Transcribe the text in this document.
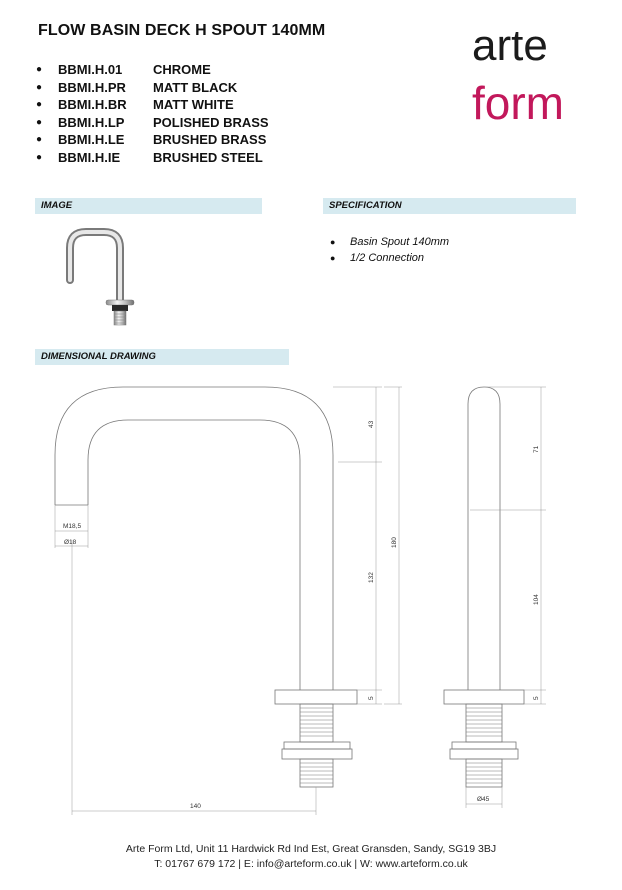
FLOW BASIN DECK H SPOUT 140MM	arte
form
● BBMI.H.01 CHROME
● BBMI.H.PR MATT BLACK
● BBMI.H.BR MATT WHITE
● BBMI.H.LP POLISHED BRASS
● BBMI.H.LE BRUSHED BRASS
● BBMI.H.IE	BRUSHED STEEL
IMAGE	SPECIFICATION
DIMENSIONAL DRAWING
● Basin Spout 140mm
● 1/2 Connection
M18,5
Ø18
140
43
180
132
5
71
104
5
Ø45
Arte Form Ltd, Unit 11 Hardwick Rd Ind Est, Great Gransden, Sandy, SG19 3BJ
T: 01767 679 172 | E: info@arteform.co.uk | W: www.arteform.co.uk
